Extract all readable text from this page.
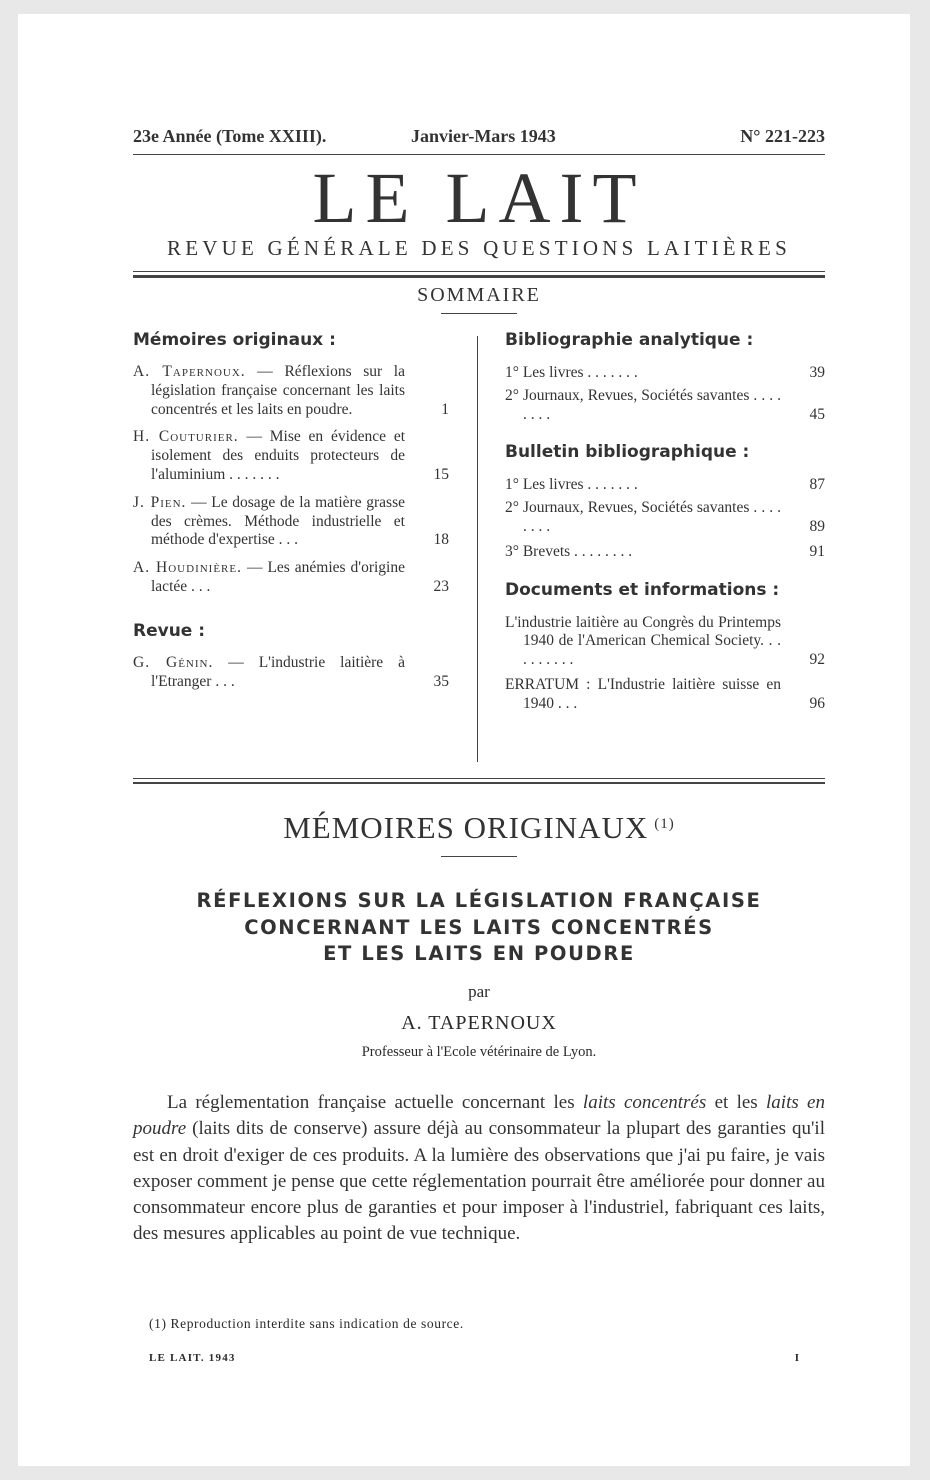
23e Année (Tome XXIII).	Janvier-Mars 1943	N° 221-223
LE LAIT
REVUE GÉNÉRALE DES QUESTIONS LAITIÈRES
SOMMAIRE

Mémoires originaux :

A. Tapernoux. — Réflexions sur la législation française concernant les laits concentrés et les laits en poudre.	1

H. Couturier. — Mise en évidence et isolement des enduits protecteurs de l'aluminium . . . . . . .	15

J. Pien. — Le dosage de la matière grasse des crèmes. Méthode industrielle et méthode d'expertise . . .	18

A. Houdinière. — Les anémies d'origine lactée . . .	23

Revue :

G. Génin. — L'industrie laitière à l'Etranger . . .	35

Bibliographie analytique :

1° Les livres . . . . . . .	39

2° Journaux, Revues, Sociétés savantes . . . . . . . .	45

Bulletin bibliographique :

1° Les livres . . . . . . .	87

2° Journaux, Revues, Sociétés savantes . . . . . . . .	89

3° Brevets . . . . . . . .	91

Documents et informations :

L'industrie laitière au Congrès du Printemps 1940 de l'American Chemical Society. . . . . . . . . .	92

ERRATUM : L'Industrie laitière suisse en 1940 . . .	96

MÉMOIRES ORIGINAUX $^{(1)}$
RÉFLEXIONS SUR LA LÉGISLATION FRANÇAISE
CONCERNANT LES LAITS CONCENTRÉS
ET LES LAITS EN POUDRE
par
A. TAPERNOUX
Professeur à l'Ecole vétérinaire de Lyon.

La réglementation française actuelle concernant les laits concentrés et les laits en poudre (laits dits de conserve) assure déjà au consommateur la plupart des garanties qu'il est en droit d'exiger de ces produits. A la lumière des observations que j'ai pu faire, je vais exposer comment je pense que cette réglementation pourrait être améliorée pour donner au consommateur encore plus de garanties et pour imposer à l'industriel, fabriquant ces laits, des mesures applicables au point de vue technique.

(1) Reproduction interdite sans indication de source.
LE LAIT. 1943	I
